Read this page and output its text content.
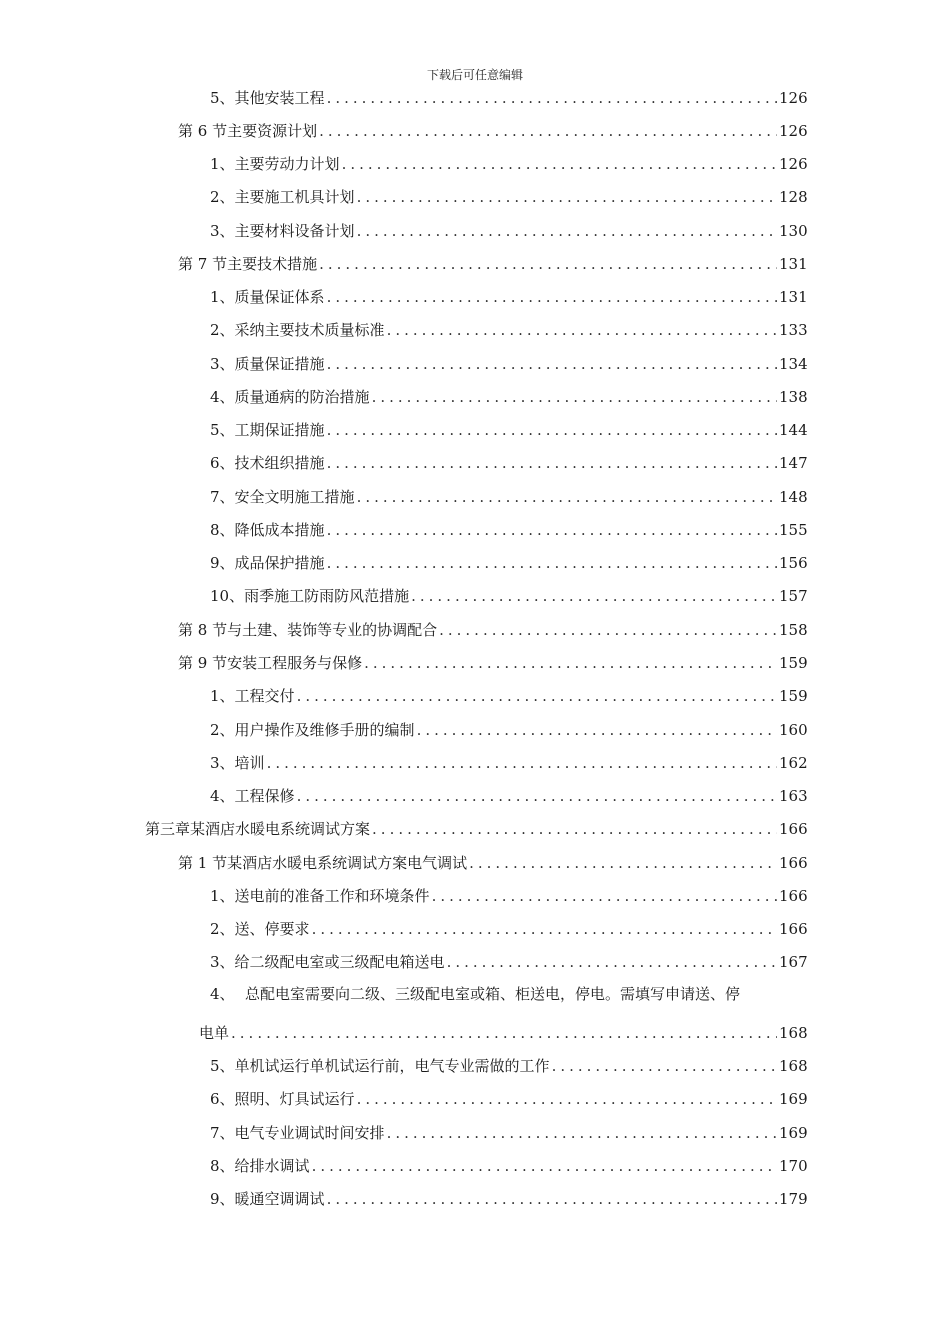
下载后可任意编辑
5、 其他安装工程 .....	126
第 6 节 主要资源计划 .....	126
1、 主要劳动力计划 .....	126
2、 主要施工机具计划 .....	128
3、 主要材料设备计划 .....	130
第 7 节 主要技术措施 .....	131
1、 质量保证体系 .....	131
2、 采纳主要技术质量标准 .....	133
3、 质量保证措施 .....	134
4、 质量通病的防治措施 .....	138
5、 工期保证措施 .....	144
6、 技术组织措施 .....	147
7、 安全文明施工措施 .....	148
8、 降低成本措施 .....	155
9、 成品保护措施 .....	156
10、 雨季施工防雨防风范措施 .....	157
第 8 节 与土建、装饰等专业的协调配合 .....	158
第 9 节 安装工程服务与保修 .....	159
1、 工程交付 .....	159
2、 用户操作及维修手册的编制 .....	160
3、 培训 .....	162
4、 工程保修 .....	163
第三章 某酒店水暖电系统调试方案 .....	166
第 1 节 某酒店水暖电系统调试方案电气调试 .....	166
1、 送电前的准备工作和环境条件 .....	166
2、 送、停要求 .....	166
3、 给二级配电室或三级配电箱送电 .....	167
4、 总配电室需要向二级、三级配电室或箱、柜送电，停电。需填写申请送、停
电单 .....	168
5、 单机试运行单机试运行前，电气专业需做的工作 .....	168
6、 照明、灯具试运行 .....	169
7、 电气专业调试时间安排 .....	169
8、 给排水调试 .....	170
9、 暖通空调调试 .....	179
